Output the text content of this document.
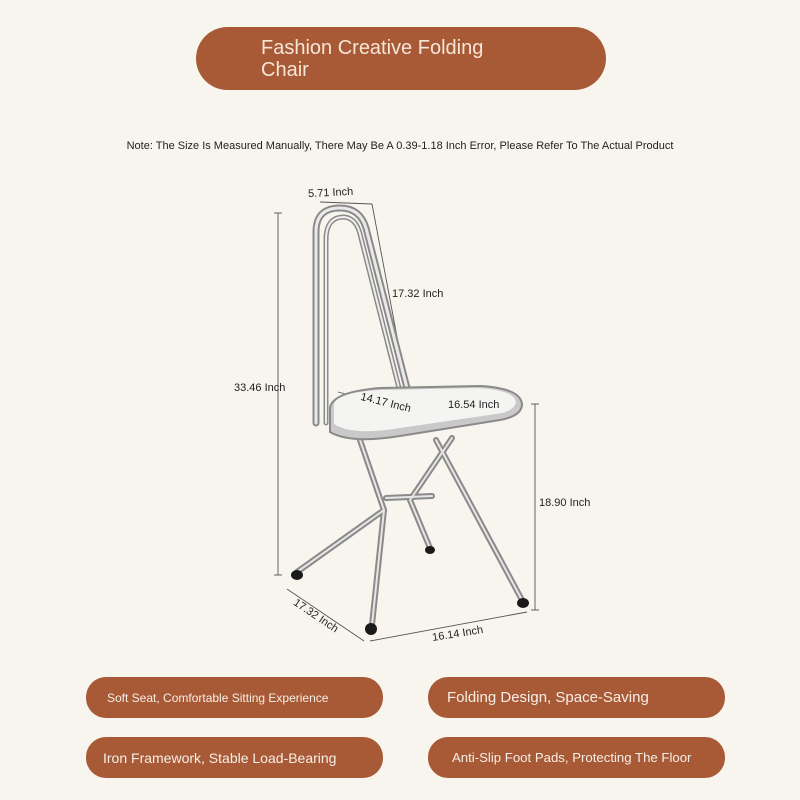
Fashion Creative Folding Chair
Note: The Size Is Measured Manually, There May Be A 0.39-1.18 Inch Error, Please Refer To The Actual Product
5.71 Inch
17.32 Inch
33.46 Inch
14.17 Inch	16.54 Inch
18.90 Inch
17.32 Inch	16.14 Inch
Soft Seat, Comfortable Sitting Experience	Folding Design, Space-Saving
Iron Framework, Stable Load-Bearing	Anti-Slip Foot Pads, Protecting The Floor
